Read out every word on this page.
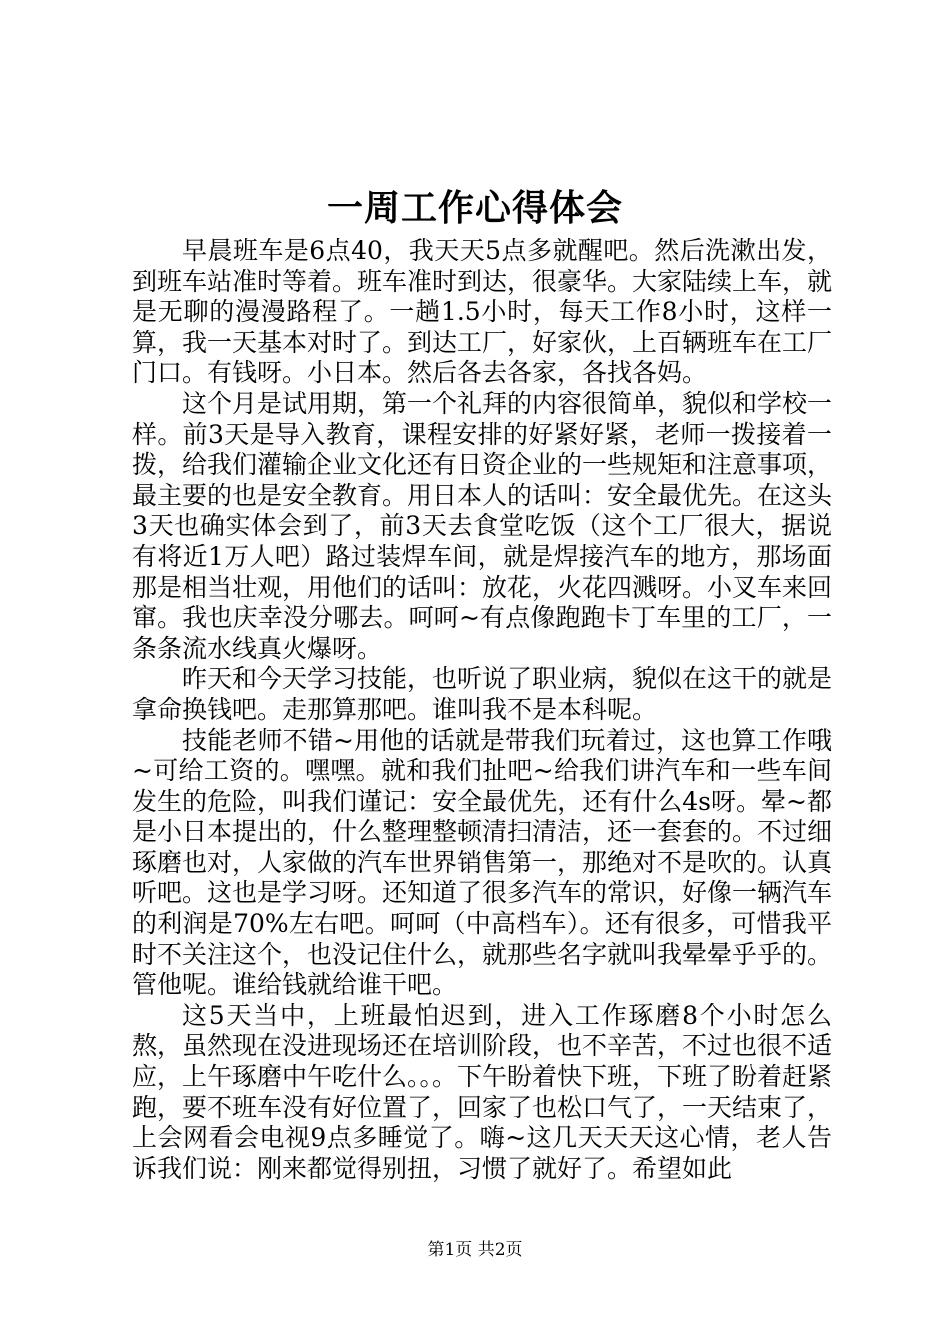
一周工作心得体会

早晨班车是6点40，我天天5点多就醒吧。然后洗漱出发，到班车站准时等着。班车准时到达，很豪华。大家陆续上车，就是无聊的漫漫路程了。一趟1.5小时，每天工作8小时，这样一算，我一天基本对时了。到达工厂，好家伙，上百辆班车在工厂门口。有钱呀。小日本。然后各去各家，各找各妈。

这个月是试用期，第一个礼拜的内容很简单，貌似和学校一样。前3天是导入教育，课程安排的好紧好紧，老师一拨接着一拨，给我们灌输企业文化还有日资企业的一些规矩和注意事项，最主要的也是安全教育。用日本人的话叫：安全最优先。在这头3天也确实体会到了，前3天去食堂吃饭（这个工厂很大，据说有将近1万人吧）路过装焊车间，就是焊接汽车的地方，那场面那是相当壮观，用他们的话叫：放花，火花四溅呀。小叉车来回窜。我也庆幸没分哪去。呵呵~有点像跑跑卡丁车里的工厂，一条条流水线真火爆呀。

昨天和今天学习技能，也听说了职业病，貌似在这干的就是拿命换钱吧。走那算那吧。谁叫我不是本科呢。

技能老师不错~用他的话就是带我们玩着过，这也算工作哦~可给工资的。嘿嘿。就和我们扯吧~给我们讲汽车和一些车间发生的危险，叫我们谨记：安全最优先，还有什么4s呀。晕~都是小日本提出的，什么整理整顿清扫清洁，还一套套的。不过细琢磨也对，人家做的汽车世界销售第一，那绝对不是吹的。认真听吧。这也是学习呀。还知道了很多汽车的常识，好像一辆汽车的利润是70%左右吧。呵呵（中高档车）。还有很多，可惜我平时不关注这个，也没记住什么，就那些名字就叫我晕晕乎乎的。管他呢。谁给钱就给谁干吧。

这5天当中，上班最怕迟到，进入工作琢磨8个小时怎么熬，虽然现在没进现场还在培训阶段，也不辛苦，不过也很不适应，上午琢磨中午吃什么。。。下午盼着快下班，下班了盼着赶紧跑，要不班车没有好位置了，回家了也松口气了，一天结束了，上会网看会电视9点多睡觉了。嗨~这几天天天这心情，老人告诉我们说：刚来都觉得别扭，习惯了就好了。希望如此

第1页 共2页
